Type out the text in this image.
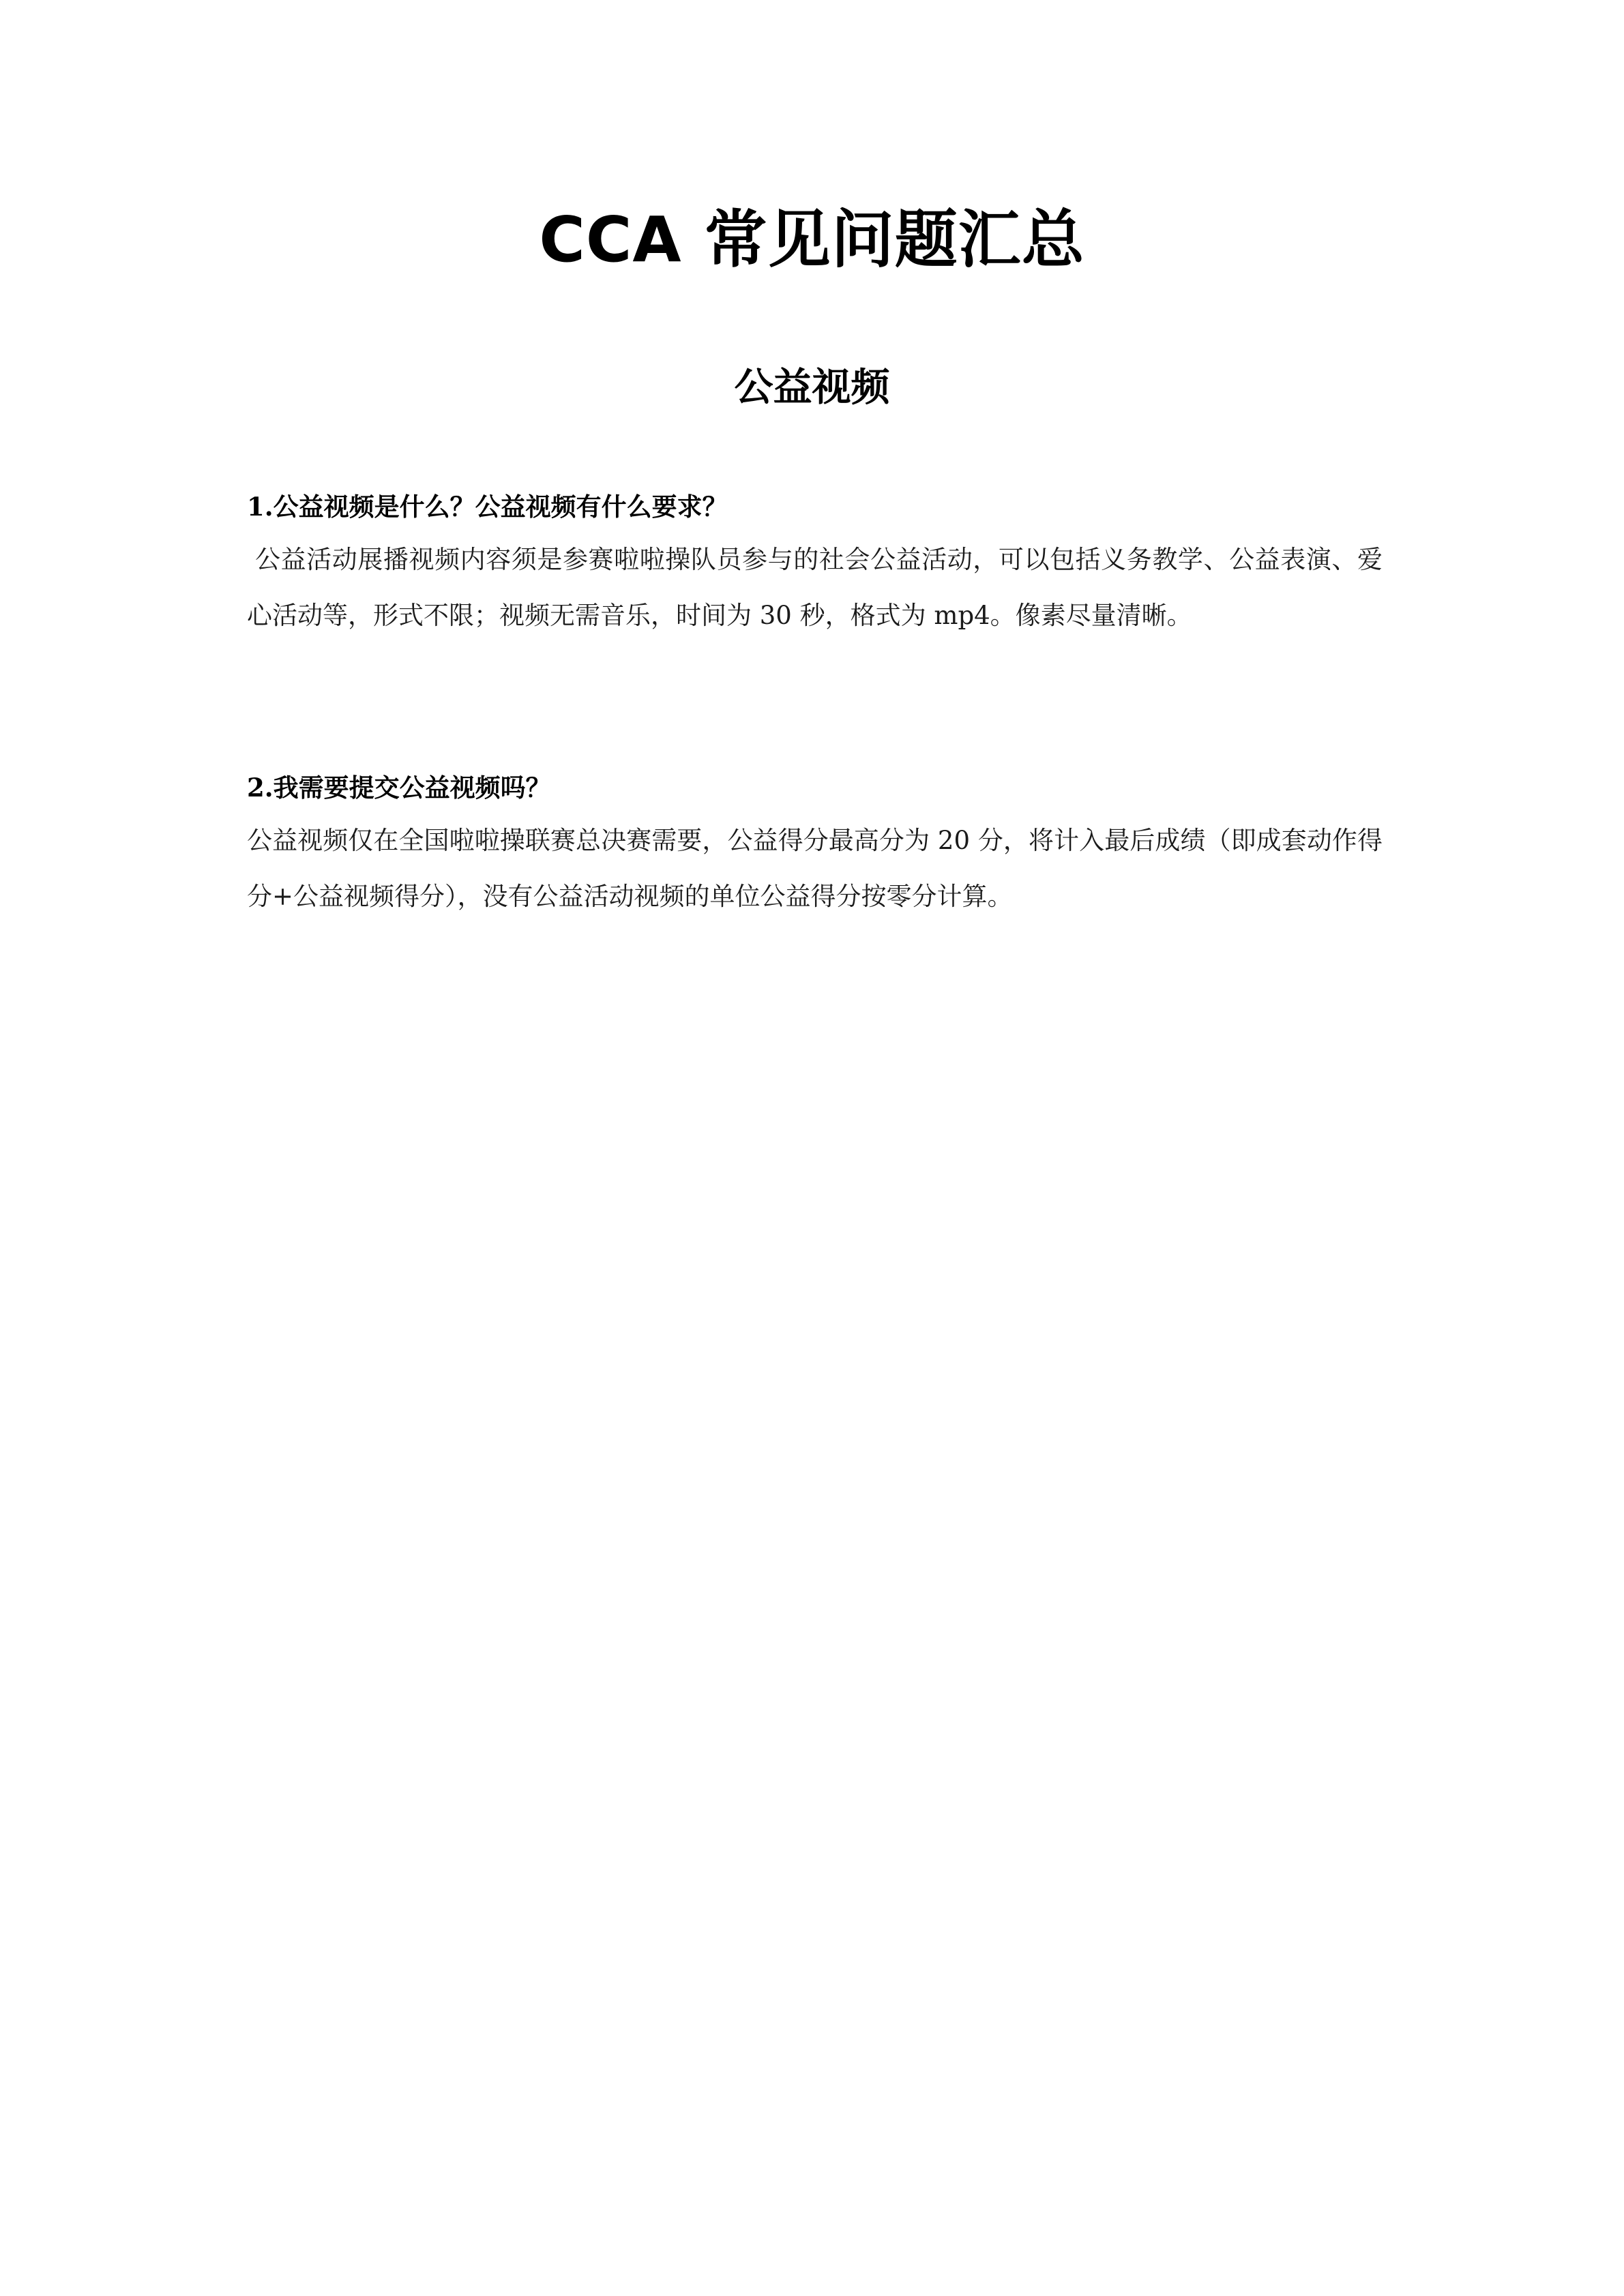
CCA 常见问题汇总
公益视频

1.公益视频是什么？公益视频有什么要求？

公益活动展播视频内容须是参赛啦啦操队员参与的社会公益活动，可以包括义务教学、公益表演、爱心活动等，形式不限；视频无需音乐，时间为 30 秒，格式为 mp4。像素尽量清晰。

2.我需要提交公益视频吗？

公益视频仅在全国啦啦操联赛总决赛需要，公益得分最高分为 20 分，将计入最后成绩（即成套动作得分+公益视频得分），没有公益活动视频的单位公益得分按零分计算。
